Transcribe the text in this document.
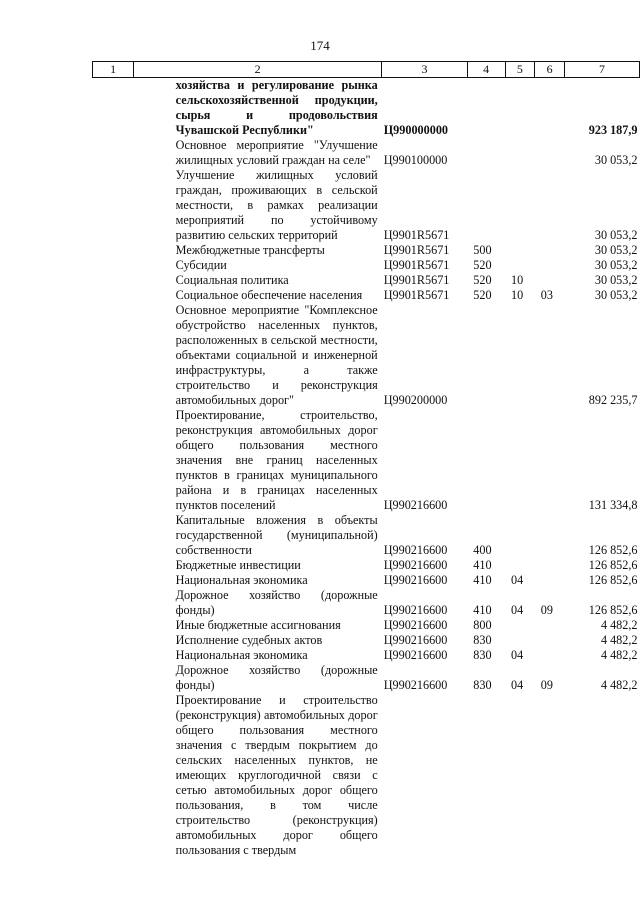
174
1	2	3	4	5	6	7
	хозяйства и регулирование рынка сельскохозяйственной продукции, сырья и продовольствия Чувашской Республики"	Ц990000000				923 187,9
	Основное мероприятие "Улучшение жилищных условий граждан на селе"	Ц990100000				30 053,2
	Улучшение жилищных условий граждан, проживающих в сельской местности, в рамках реализации мероприятий по устойчивому развитию сельских территорий	Ц9901R5671				30 053,2
	Межбюджетные трансферты	Ц9901R5671	500			30 053,2
	Субсидии	Ц9901R5671	520			30 053,2
	Социальная политика	Ц9901R5671	520	10		30 053,2
	Социальное обеспечение населения	Ц9901R5671	520	10	03	30 053,2
	Основное мероприятие "Комплексное обустройство населенных пунктов, расположенных в сельской местности, объектами социальной и инженерной инфраструктуры, а также строительство и реконструкция автомобильных дорог"	Ц990200000				892 235,7
	Проектирование, строительство, реконструкция автомобильных дорог общего пользования местного значения вне границ населенных пунктов в границах муниципального района и в границах населенных пунктов поселений	Ц990216600				131 334,8
	Капитальные вложения в объекты государственной (муниципальной) собственности	Ц990216600	400			126 852,6
	Бюджетные инвестиции	Ц990216600	410			126 852,6
	Национальная экономика	Ц990216600	410	04		126 852,6
	Дорожное хозяйство (дорожные фонды)	Ц990216600	410	04	09	126 852,6
	Иные бюджетные ассигнования	Ц990216600	800			4 482,2
	Исполнение судебных актов	Ц990216600	830			4 482,2
	Национальная экономика	Ц990216600	830	04		4 482,2
	Дорожное хозяйство (дорожные фонды)	Ц990216600	830	04	09	4 482,2
	Проектирование и строительство (реконструкция) автомобильных дорог общего пользования местного значения с твердым покрытием до сельских населенных пунктов, не имеющих круглогодичной связи с сетью автомобильных дорог общего пользования, в том числе строительство (реконструкция) автомобильных дорог общего пользования с твердым					
